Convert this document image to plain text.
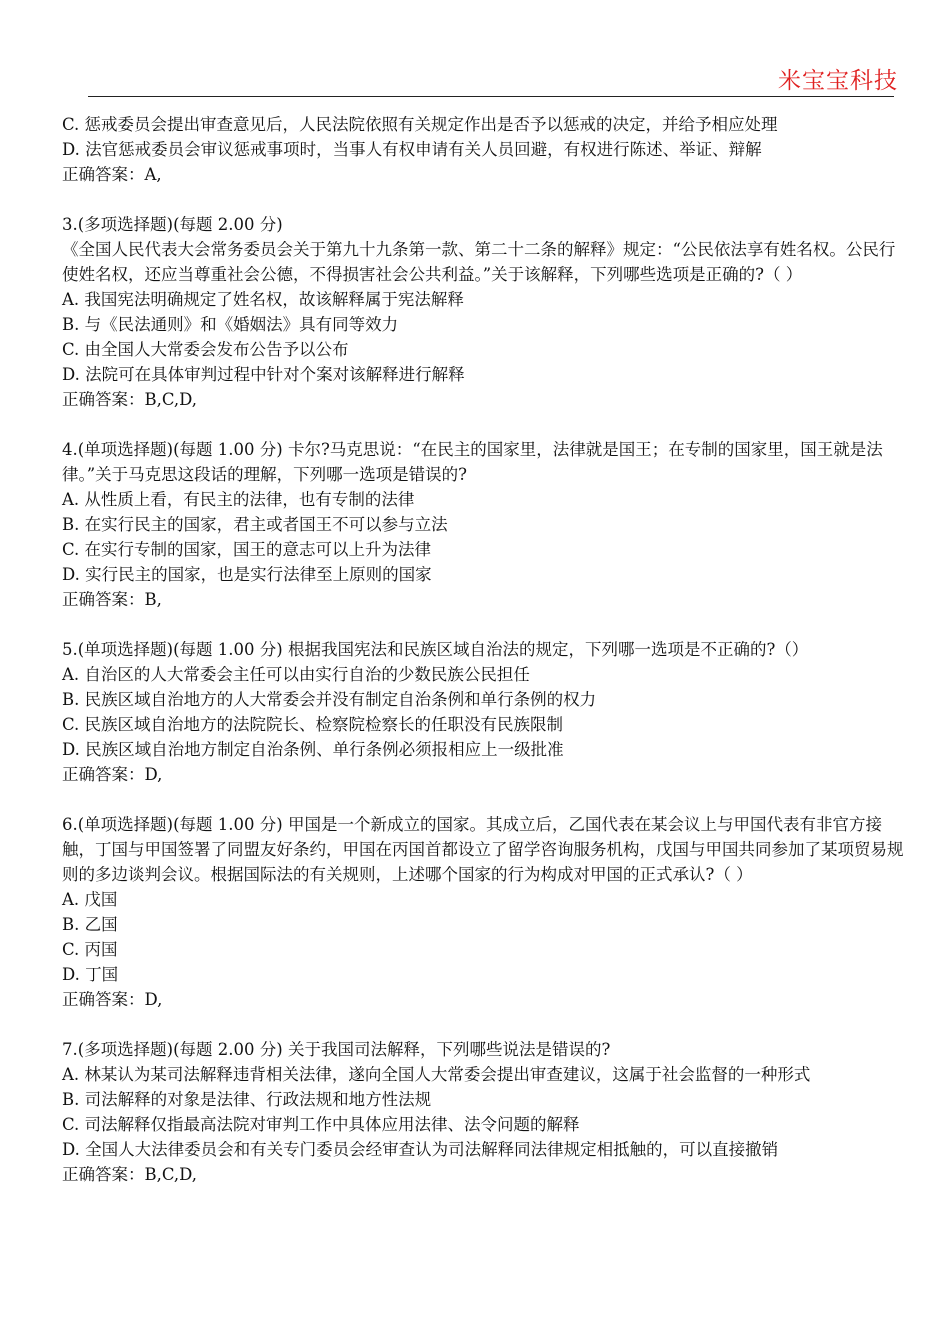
米宝宝科技
C. 惩戒委员会提出审查意见后，人民法院依照有关规定作出是否予以惩戒的决定，并给予相应处理
D. 法官惩戒委员会审议惩戒事项时，当事人有权申请有关人员回避，有权进行陈述、举证、辩解
正确答案：A,
3.(多项选择题)(每题 2.00 分)
《全国人民代表大会常务委员会关于第九十九条第一款、第二十二条的解释》规定：“公民依法享有姓名权。公民行使姓名权，还应当尊重社会公德，不得损害社会公共利益。”关于该解释，下列哪些选项是正确的?（ ）
A. 我国宪法明确规定了姓名权，故该解释属于宪法解释
B. 与《民法通则》和《婚姻法》具有同等效力
C. 由全国人大常委会发布公告予以公布
D. 法院可在具体审判过程中针对个案对该解释进行解释
正确答案：B,C,D,
4.(单项选择题)(每题 1.00 分) 卡尔?马克思说：“在民主的国家里，法律就是国王；在专制的国家里，国王就是法律。”关于马克思这段话的理解，下列哪一选项是错误的?
A. 从性质上看，有民主的法律，也有专制的法律
B. 在实行民主的国家，君主或者国王不可以参与立法
C. 在实行专制的国家，国王的意志可以上升为法律
D. 实行民主的国家，也是实行法律至上原则的国家
正确答案：B,
5.(单项选择题)(每题 1.00 分) 根据我国宪法和民族区域自治法的规定，下列哪一选项是不正确的?（）
A. 自治区的人大常委会主任可以由实行自治的少数民族公民担任
B. 民族区域自治地方的人大常委会并没有制定自治条例和单行条例的权力
C. 民族区域自治地方的法院院长、检察院检察长的任职没有民族限制
D. 民族区域自治地方制定自治条例、单行条例必须报相应上一级批准
正确答案：D,
6.(单项选择题)(每题 1.00 分) 甲国是一个新成立的国家。其成立后，乙国代表在某会议上与甲国代表有非官方接触，丁国与甲国签署了同盟友好条约，甲国在丙国首都设立了留学咨询服务机构，戊国与甲国共同参加了某项贸易规则的多边谈判会议。根据国际法的有关规则，上述哪个国家的行为构成对甲国的正式承认?（ ）
A. 戊国
B. 乙国
C. 丙国
D. 丁国
正确答案：D,
7.(多项选择题)(每题 2.00 分) 关于我国司法解释，下列哪些说法是错误的?
A. 林某认为某司法解释违背相关法律，遂向全国人大常委会提出审查建议，这属于社会监督的一种形式
B. 司法解释的对象是法律、行政法规和地方性法规
C. 司法解释仅指最高法院对审判工作中具体应用法律、法令问题的解释
D. 全国人大法律委员会和有关专门委员会经审查认为司法解释同法律规定相抵触的，可以直接撤销
正确答案：B,C,D,
